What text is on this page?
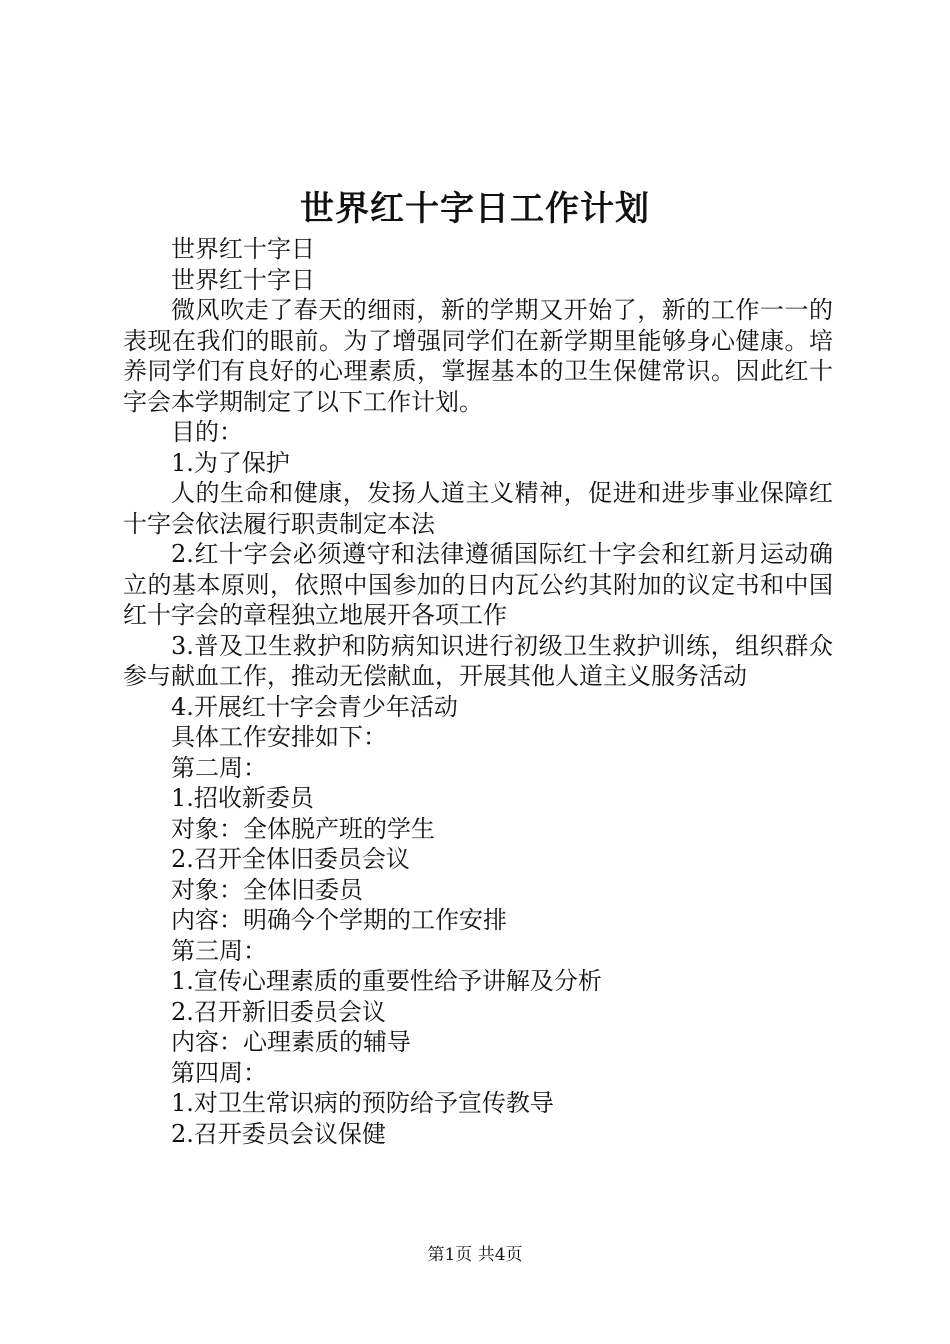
世界红十字日工作计划

世界红十字日

世界红十字日

微风吹走了春天的细雨，新的学期又开始了，新的工作一一的表现在我们的眼前。为了增强同学们在新学期里能够身心健康。培养同学们有良好的心理素质，掌握基本的卫生保健常识。因此红十字会本学期制定了以下工作计划。

目的：

1.为了保护

人的生命和健康，发扬人道主义精神，促进和进步事业保障红十字会依法履行职责制定本法

2.红十字会必须遵守和法律遵循国际红十字会和红新月运动确立的基本原则，依照中国参加的日内瓦公约其附加的议定书和中国红十字会的章程独立地展开各项工作

3.普及卫生救护和防病知识进行初级卫生救护训练，组织群众参与献血工作，推动无偿献血，开展其他人道主义服务活动

4.开展红十字会青少年活动

具体工作安排如下：

第二周：

1.招收新委员

对象：全体脱产班的学生

2.召开全体旧委员会议

对象：全体旧委员

内容：明确今个学期的工作安排

第三周：

1.宣传心理素质的重要性给予讲解及分析

2.召开新旧委员会议

内容：心理素质的辅导

第四周：

1.对卫生常识病的预防给予宣传教导

2.召开委员会议保健

第1页 共4页
